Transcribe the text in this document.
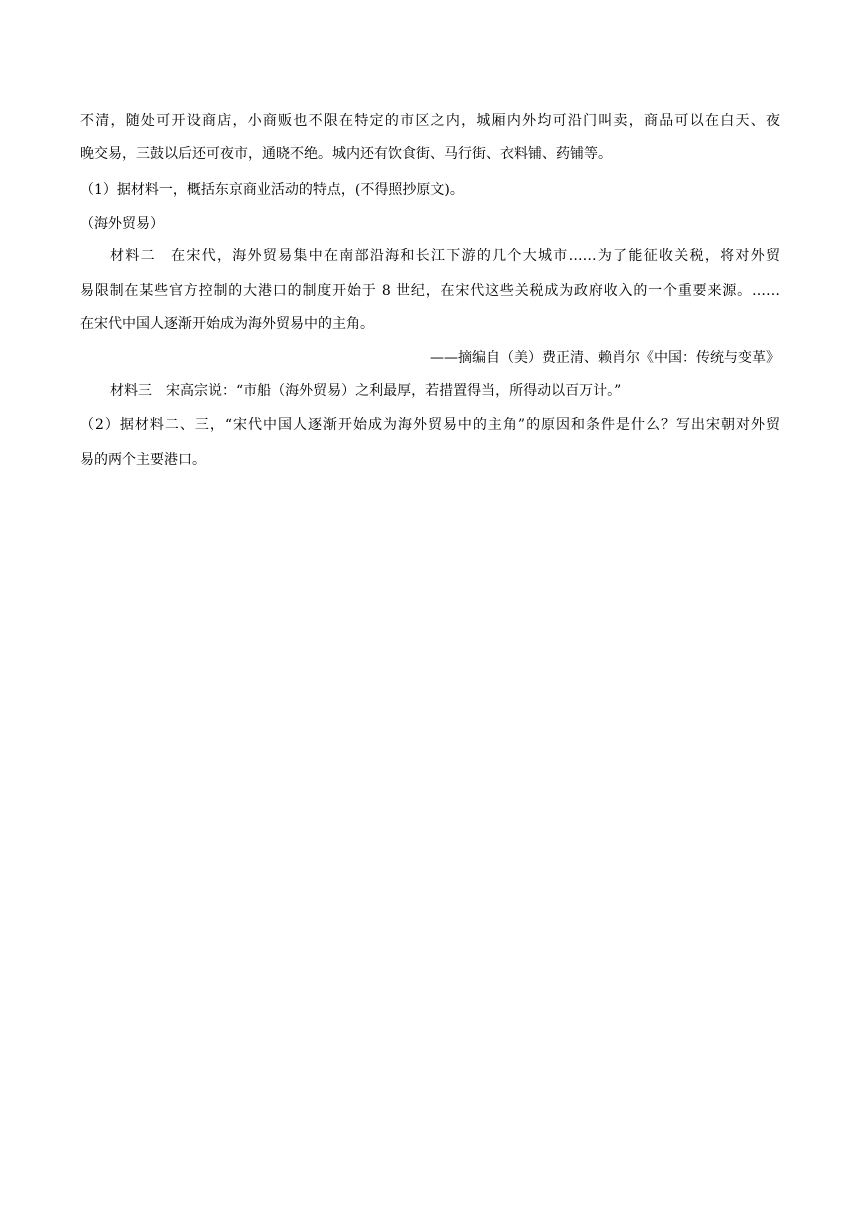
不清，随处可开设商店，小商贩也不限在特定的市区之内，城厢内外均可沿门叫卖，商品可以在白天、夜
晚交易，三鼓以后还可夜市，通晓不绝。城内还有饮食街、马行街、衣料铺、药铺等。
（1）据材料一，概括东京商业活动的特点，(不得照抄原文)。
（海外贸易）
材料二　在宋代，海外贸易集中在南部沿海和长江下游的几个大城市……为了能征收关税，将对外贸
易限制在某些官方控制的大港口的制度开始于 8 世纪，在宋代这些关税成为政府收入的一个重要来源。……
在宋代中国人逐渐开始成为海外贸易中的主角。
——摘编自（美）费正清、赖肖尔《中国：传统与变革》
材料三　宋高宗说：“市船（海外贸易）之利最厚，若措置得当，所得动以百万计。”
（2）据材料二、三，“宋代中国人逐渐开始成为海外贸易中的主角”的原因和条件是什么？写出宋朝对外贸
易的两个主要港口。
